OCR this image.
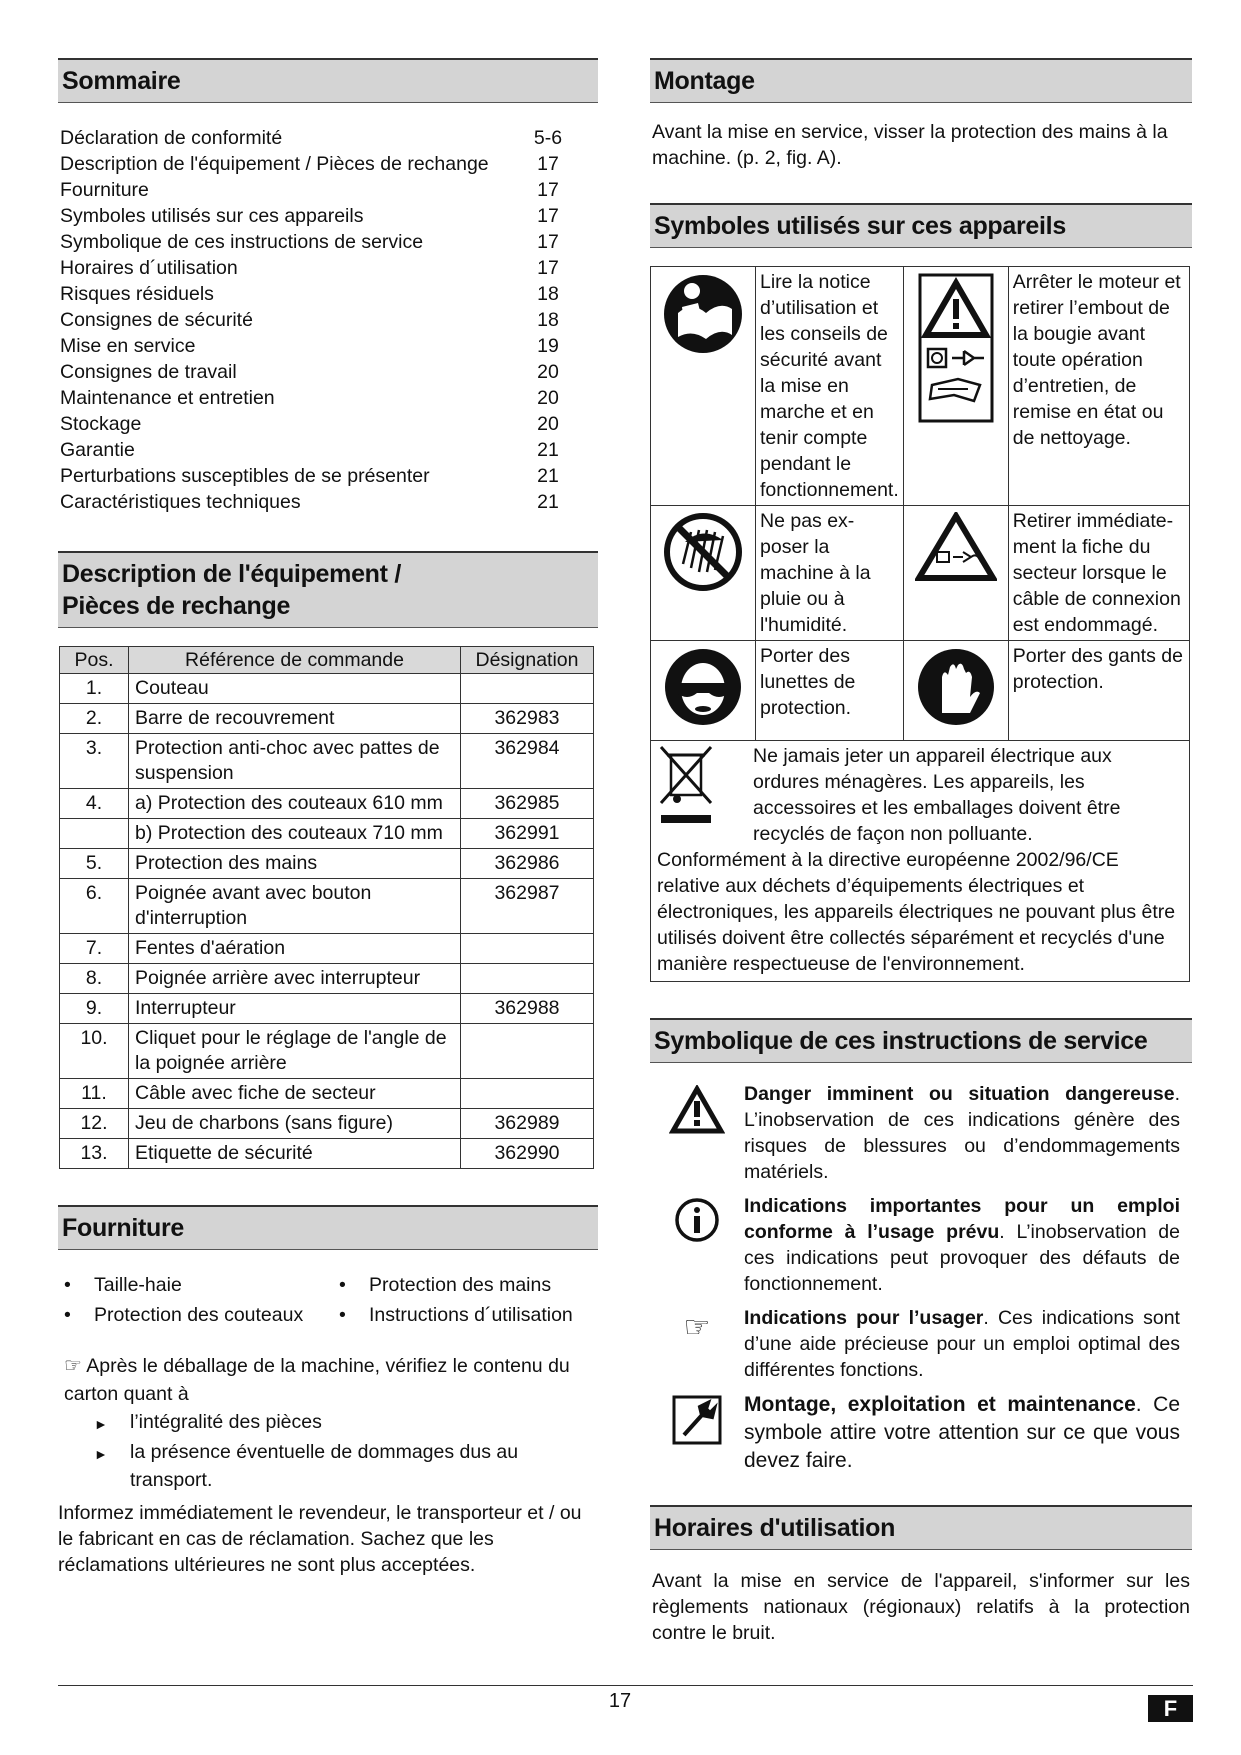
Sommaire
Déclaration de conformité	5-6
Description de l'équipement / Pièces de rechange	17
Fourniture	17
Symboles utilisés sur ces appareils	17
Symbolique de ces instructions de service	17
Horaires d´utilisation	17
Risques résiduels	18
Consignes de sécurité	18
Mise en service	19
Consignes de travail	20
Maintenance et entretien	20
Stockage	20
Garantie	21
Perturbations susceptibles de se présenter	21
Caractéristiques techniques	21
Description de l'équipement /
Pièces de rechange
Pos.	Référence de commande	Désignation
1.	Couteau	
2.	Barre de recouvrement	362983
3.	Protection anti-choc avec pattes de suspension	362984
4.	a) Protection des couteaux 610 mm	362985
	b) Protection des couteaux 710 mm	362991
5.	Protection des mains	362986
6.	Poignée avant avec bouton d'interruption	362987
7.	Fentes d'aération	
8.	Poignée arrière avec interrupteur	
9.	Interrupteur	362988
10.	Cliquet pour le réglage de l'angle de la poignée arrière	
11.	Câble avec fiche de secteur	
12.	Jeu de charbons (sans figure)	362989
13.	Etiquette de sécurité	362990
Fourniture
• Taille-haie	• Protection des mains
• Protection des couteaux	• Instructions d´utilisation

☞ Après le déballage de la machine, vérifiez le contenu du carton quant à

►	l’intégralité des pièces
►	la présence éventuelle de dommages dus au transport.

Informez immédiatement le revendeur, le transporteur et / ou le fabricant en cas de réclamation. Sachez que les réclamations ultérieures ne sont plus acceptées.

Montage

Avant la mise en service, visser la protection des mains à la machine. (p. 2, fig. A).

Symboles utilisés sur ces appareils
	Lire la notice d’utilisation et les conseils de sécurité avant la mise en marche et en tenir compte pendant le fonctionnement.		Arrêter le moteur et retirer l’embout de la bougie avant toute opération d’entretien, de remise en état ou de nettoyage.
	Ne pas ex-poser la machine à la pluie ou à l'humidité.		Retirer immédiate-ment la fiche du secteur lorsque le câble de connexion est endommagé.
	Porter des lunettes de protection.		Porter des gants de protection.

Ne jamais jeter un appareil électrique aux ordures ménagères. Les appareils, les accessoires et les emballages doivent être recyclés de façon non polluante.
Conformément à la directive européenne 2002/96/CE relative aux déchets d’équipements électriques et électroniques, les appareils électriques ne pouvant plus être utilisés doivent être collectés séparément et recyclés d'une manière respectueuse de l'environnement.			
Symbolique de ces instructions de service
Danger imminent ou situation dangereuse. L’inobservation de ces indications génère des risques de blessures ou d’endommagements matériels.
Indications importantes pour un emploi conforme à l’usage prévu. L’inobservation de ces indications peut provoquer des défauts de fonctionnement.
☞	Indications pour l’usager. Ces indications sont d’une aide précieuse pour un emploi optimal des différentes fonctions.
Montage, exploitation et maintenance. Ce symbole attire votre attention sur ce que vous devez faire.
Horaires d'utilisation

Avant la mise en service de l'appareil, s'informer sur les règlements nationaux (régionaux) relatifs à la protection contre le bruit.

17	F
